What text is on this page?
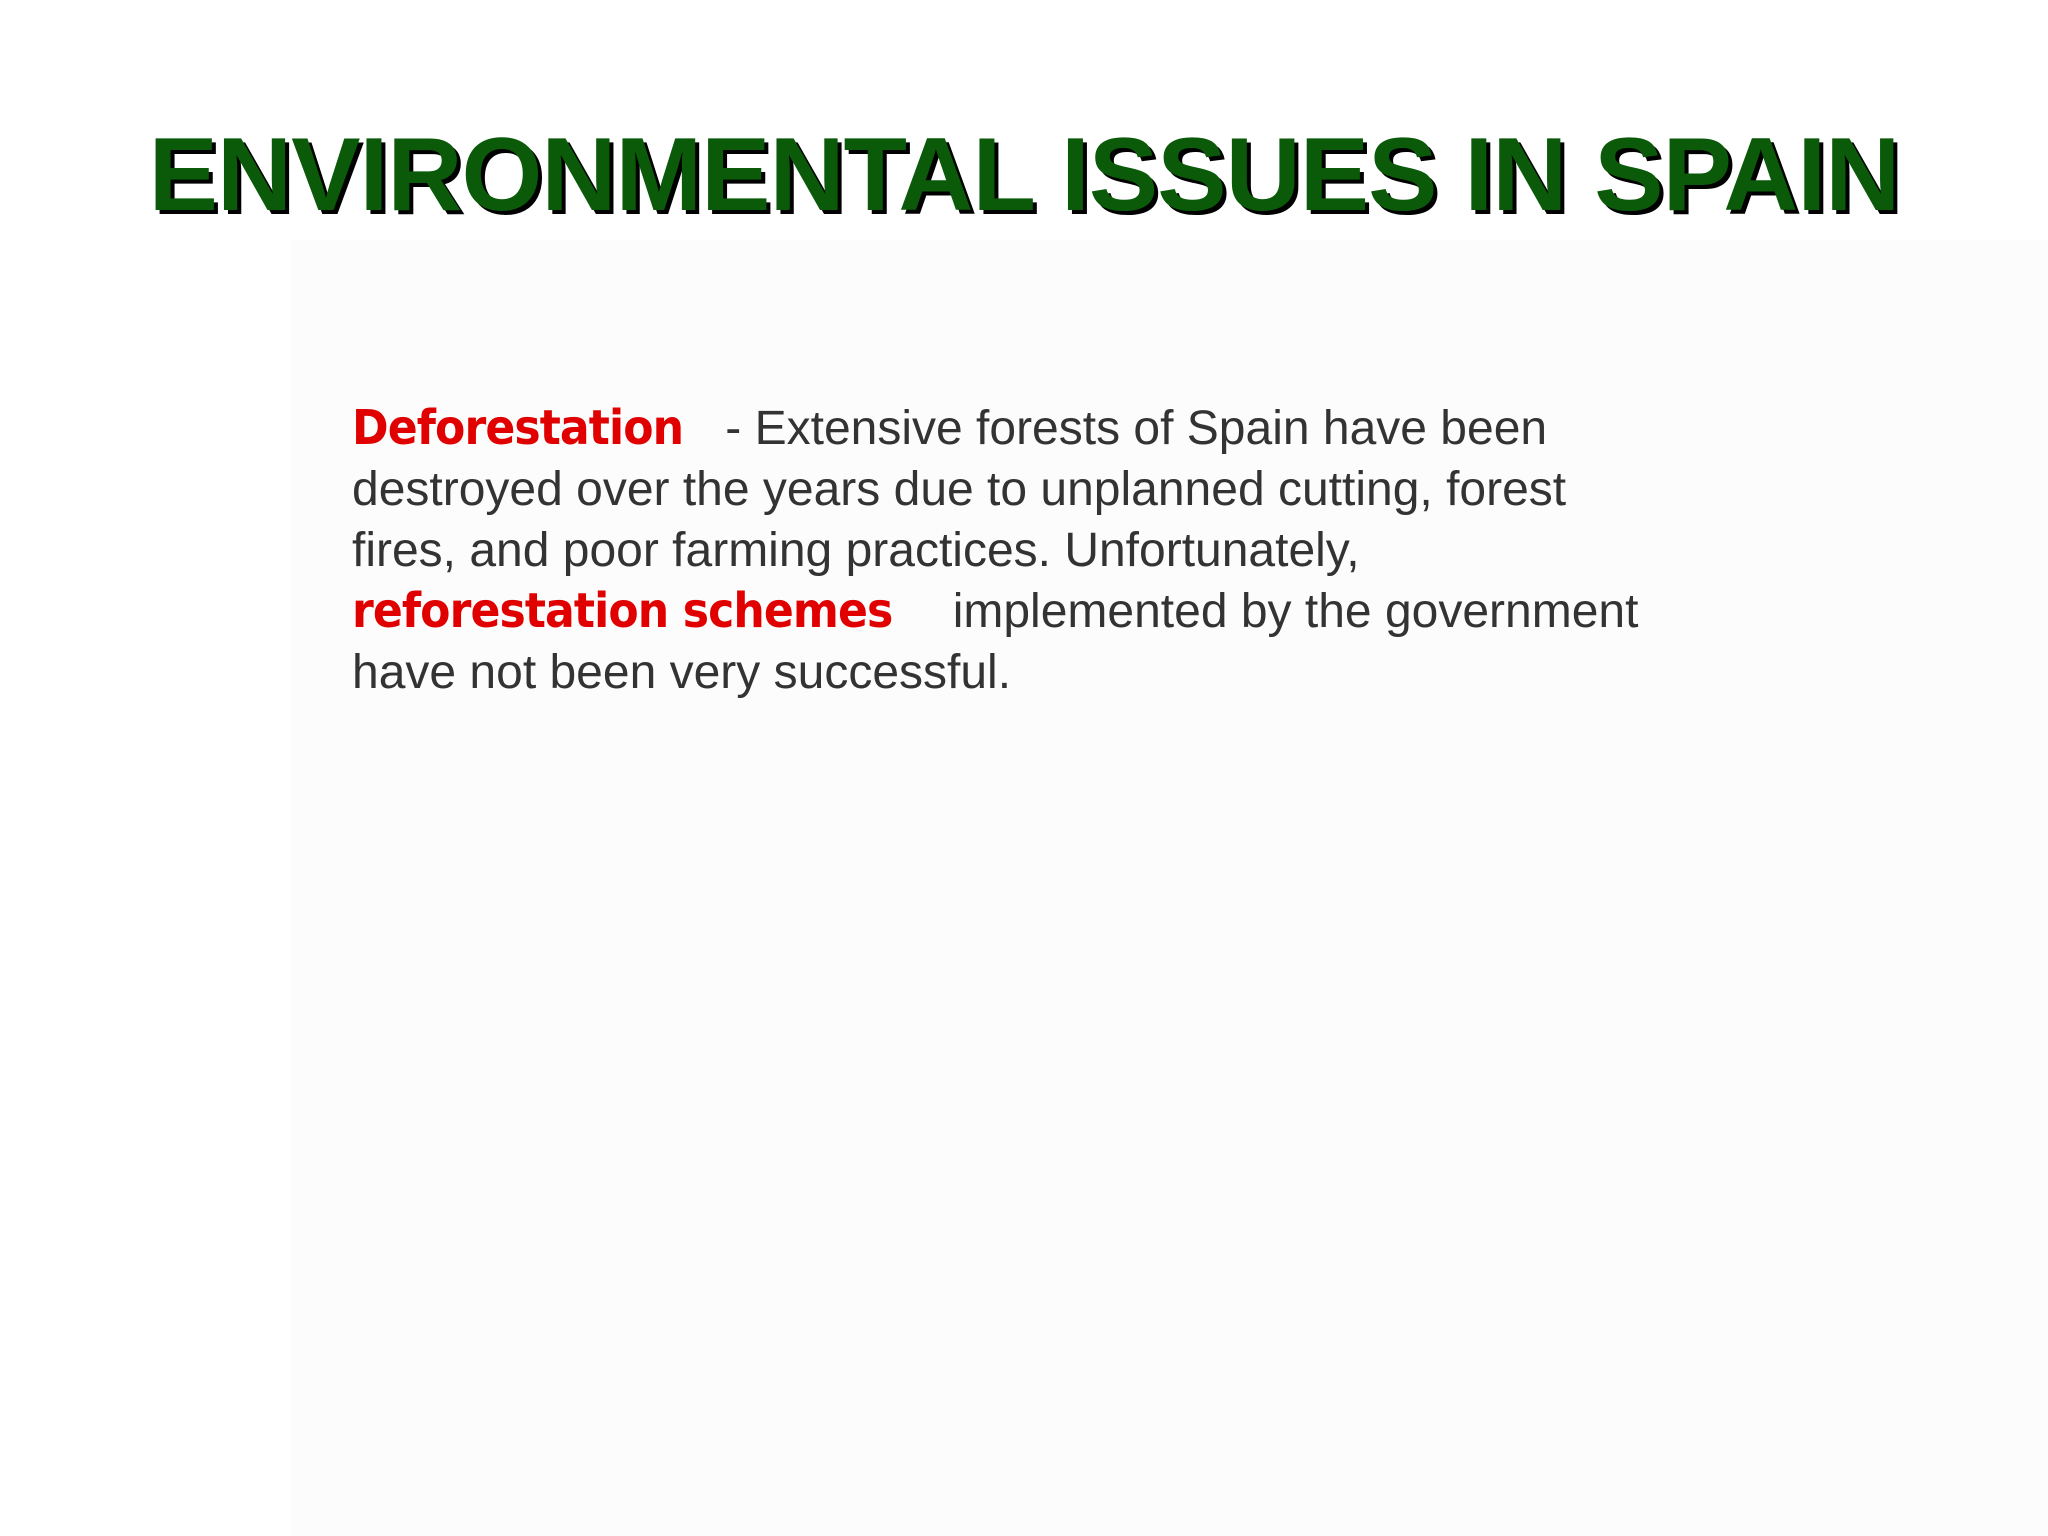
ENVIRONMENTAL ISSUES IN SPAIN

Deforestation - Extensive forests of Spain have been destroyed over the years due to unplanned cutting, forest fires, and poor farming practices. Unfortunately, reforestation schemes implemented by the government have not been very successful.
